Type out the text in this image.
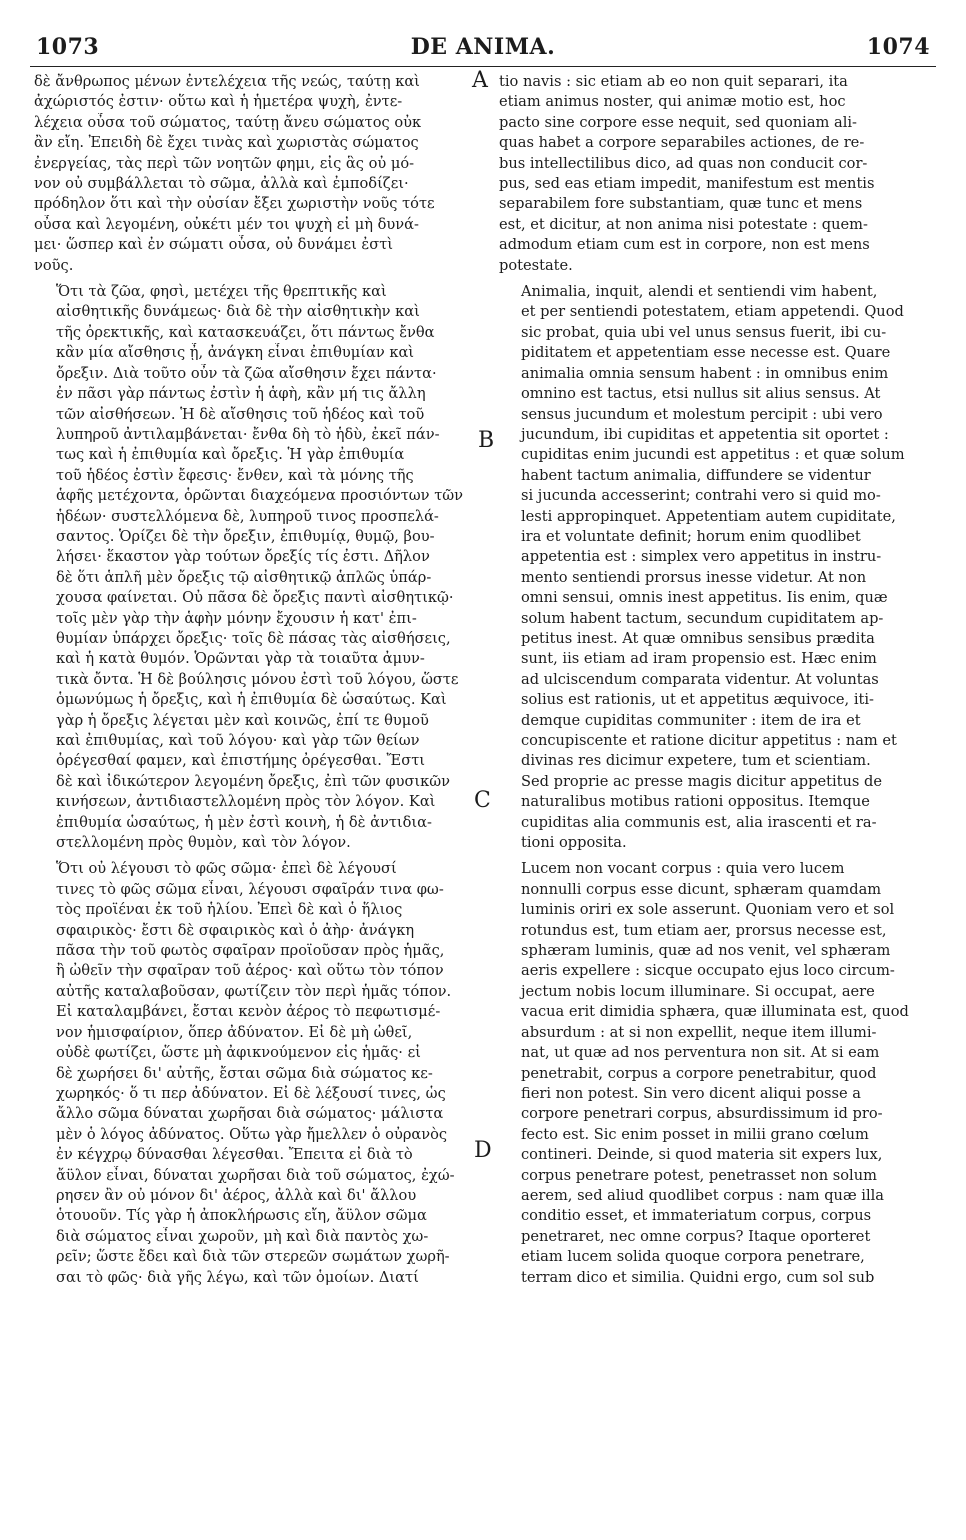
1073	DE ANIMA.	1074

δὲ ἄνθρωπος μένων ἐντελέχεια τῆς νεώς, ταύτῃ καὶ
ἀχώριστός ἐστιν· οὕτω καὶ ἡ ἡμετέρα ψυχὴ, ἐντε-
λέχεια οὖσα τοῦ σώματος, ταύτῃ ἄνευ σώματος οὐκ
ἂν εἴη. Ἐπειδὴ δὲ ἔχει τινὰς καὶ χωριστὰς σώματος
ἐνεργείας, τὰς περὶ τῶν νοητῶν φημι, εἰς ἃς οὐ μό-
νον οὐ συμβάλλεται τὸ σῶμα, ἀλλὰ καὶ ἐμποδίζει·
πρόδηλον ὅτι καὶ τὴν οὐσίαν ἔξει χωριστὴν νοῦς τότε
οὖσα καὶ λεγομένη, οὐκέτι μέν τοι ψυχὴ εἰ μὴ δυνά-
μει· ὥσπερ καὶ ἐν σώματι οὖσα, οὐ δυνάμει ἐστὶ
νοῦς.

Ὅτι τὰ ζῶα, φησὶ, μετέχει τῆς θρεπτικῆς καὶ
αἰσθητικῆς δυνάμεως· διὰ δὲ τὴν αἰσθητικὴν καὶ
τῆς ὀρεκτικῆς, καὶ κατασκευάζει, ὅτι πάντως ἔνθα
κἂν μία αἴσθησις ᾖ, ἀνάγκη εἶναι ἐπιθυμίαν καὶ
ὄρεξιν. Διὰ τοῦτο οὖν τὰ ζῶα αἴσθησιν ἔχει πάντα·
ἐν πᾶσι γὰρ πάντως ἐστὶν ἡ ἁφὴ, κἂν μή τις ἄλλη
τῶν αἰσθήσεων. Ἡ δὲ αἴσθησις τοῦ ἡδέος καὶ τοῦ
λυπηροῦ ἀντιλαμβάνεται· ἔνθα δὴ τὸ ἡδὺ, ἐκεῖ πάν-
τως καὶ ἡ ἐπιθυμία καὶ ὄρεξις. Ἡ γὰρ ἐπιθυμία
τοῦ ἡδέος ἐστὶν ἔφεσις· ἔνθεν, καὶ τὰ μόνης τῆς
ἁφῆς μετέχοντα, ὁρῶνται διαχεόμενα προσιόντων τῶν
ἡδέων· συστελλόμενα δὲ, λυπηροῦ τινος προσπελά-
σαντος. Ὁρίζει δὲ τὴν ὄρεξιν, ἐπιθυμίᾳ, θυμῷ, βου-
λήσει· ἕκαστον γὰρ τούτων ὄρεξίς τίς ἐστι. Δῆλον
δὲ ὅτι ἁπλῆ μὲν ὄρεξις τῷ αἰσθητικῷ ἁπλῶς ὑπάρ-
χουσα φαίνεται. Οὐ πᾶσα δὲ ὄρεξις παντὶ αἰσθητικῷ·
τοῖς μὲν γὰρ τὴν ἁφὴν μόνην ἔχουσιν ἡ κατ' ἐπι-
θυμίαν ὑπάρχει ὄρεξις· τοῖς δὲ πάσας τὰς αἰσθήσεις,
καὶ ἡ κατὰ θυμόν. Ὁρῶνται γὰρ τὰ τοιαῦτα ἀμυν-
τικὰ ὄντα. Ἡ δὲ βούλησις μόνου ἐστὶ τοῦ λόγου, ὥστε
ὁμωνύμως ἡ ὄρεξις, καὶ ἡ ἐπιθυμία δὲ ὡσαύτως. Καὶ
γὰρ ἡ ὄρεξις λέγεται μὲν καὶ κοινῶς, ἐπί τε θυμοῦ
καὶ ἐπιθυμίας, καὶ τοῦ λόγου· καὶ γὰρ τῶν θείων
ὀρέγεσθαί φαμεν, καὶ ἐπιστήμης ὀρέγεσθαι. Ἔστι
δὲ καὶ ἰδικώτερον λεγομένη ὄρεξις, ἐπὶ τῶν φυσικῶν
κινήσεων, ἀντιδιαστελλομένη πρὸς τὸν λόγον. Καὶ
ἐπιθυμία ὡσαύτως, ἡ μὲν ἐστὶ κοινὴ, ἡ δὲ ἀντιδια-
στελλομένη πρὸς θυμὸν, καὶ τὸν λόγον.

Ὅτι οὐ λέγουσι τὸ φῶς σῶμα· ἐπεὶ δὲ λέγουσί
τινες τὸ φῶς σῶμα εἶναι, λέγουσι σφαῖράν τινα φω-
τὸς προϊέναι ἐκ τοῦ ἡλίου. Ἐπεὶ δὲ καὶ ὁ ἥλιος
σφαιρικὸς· ἔστι δὲ σφαιρικὸς καὶ ὁ ἀὴρ· ἀνάγκη
πᾶσα τὴν τοῦ φωτὸς σφαῖραν προϊοῦσαν πρὸς ἡμᾶς,
ἢ ὠθεῖν τὴν σφαῖραν τοῦ ἀέρος· καὶ οὕτω τὸν τόπον
αὐτῆς καταλαβοῦσαν, φωτίζειν τὸν περὶ ἡμᾶς τόπον.
Εἰ καταλαμβάνει, ἔσται κενὸν ἀέρος τὸ πεφωτισμέ-
νον ἡμισφαίριον, ὅπερ ἀδύνατον. Εἰ δὲ μὴ ὠθεῖ,
οὐδὲ φωτίζει, ὥστε μὴ ἀφικνούμενον εἰς ἡμᾶς· εἰ
δὲ χωρήσει δι' αὐτῆς, ἔσται σῶμα διὰ σώματος κε-
χωρηκός· ὅ τι περ ἀδύνατον. Εἰ δὲ λέξουσί τινες, ὡς
ἄλλο σῶμα δύναται χωρῆσαι διὰ σώματος· μάλιστα
μὲν ὁ λόγος ἀδύνατος. Οὕτω γὰρ ἤμελλεν ὁ οὐρανὸς
ἐν κέγχρῳ δύνασθαι λέγεσθαι. Ἔπειτα εἰ διὰ τὸ
ἄϋλον εἶναι, δύναται χωρῆσαι διὰ τοῦ σώματος, ἐχώ-
ρησεν ἂν οὐ μόνον δι' ἀέρος, ἀλλὰ καὶ δι' ἄλλου
ὁτουοῦν. Τίς γὰρ ἡ ἀποκλήρωσις εἴη, ἄϋλον σῶμα
διὰ σώματος εἶναι χωροῦν, μὴ καὶ διὰ παντὸς χω-
ρεῖν; ὥστε ἔδει καὶ διὰ τῶν στερεῶν σωμάτων χωρῆ-
σαι τὸ φῶς· διὰ γῆς λέγω, καὶ τῶν ὁμοίων. Διατί

tio navis : sic etiam ab eo non quit separari, ita
etiam animus noster, qui animæ motio est, hoc
pacto sine corpore esse nequit, sed quoniam ali-
quas habet a corpore separabiles actiones, de re-
bus intellectilibus dico, ad quas non conducit cor-
pus, sed eas etiam impedit, manifestum est mentis
separabilem fore substantiam, quæ tunc et mens
est, et dicitur, at non anima nisi potestate : quem-
admodum etiam cum est in corpore, non est mens
potestate.

Animalia, inquit, alendi et sentiendi vim habent,
et per sentiendi potestatem, etiam appetendi. Quod
sic probat, quia ubi vel unus sensus fuerit, ibi cu-
piditatem et appetentiam esse necesse est. Quare
animalia omnia sensum habent : in omnibus enim
omnino est tactus, etsi nullus sit alius sensus. At
sensus jucundum et molestum percipit : ubi vero
jucundum, ibi cupiditas et appetentia sit oportet :
cupiditas enim jucundi est appetitus : et quæ solum
habent tactum animalia, diffundere se videntur
si jucunda accesserint; contrahi vero si quid mo-
lesti appropinquet. Appetentiam autem cupiditate,
ira et voluntate definit; horum enim quodlibet
appetentia est : simplex vero appetitus in instru-
mento sentiendi prorsus inesse videtur. At non
omni sensui, omnis inest appetitus. Iis enim, quæ
solum habent tactum, secundum cupiditatem ap-
petitus inest. At quæ omnibus sensibus prædita
sunt, iis etiam ad iram propensio est. Hæc enim
ad ulciscendum comparata videntur. At voluntas
solius est rationis, ut et appetitus æquivoce, iti-
demque cupiditas communiter : item de ira et
concupiscente et ratione dicitur appetitus : nam et
divinas res dicimur expetere, tum et scientiam.
Sed proprie ac presse magis dicitur appetitus de
naturalibus motibus rationi oppositus. Itemque
cupiditas alia communis est, alia irascenti et ra-
tioni opposita.

Lucem non vocant corpus : quia vero lucem
nonnulli corpus esse dicunt, sphæram quamdam
luminis oriri ex sole asserunt. Quoniam vero et sol
rotundus est, tum etiam aer, prorsus necesse est,
sphæram luminis, quæ ad nos venit, vel sphæram
aeris expellere : sicque occupato ejus loco circum-
jectum nobis locum illuminare. Si occupat, aere
vacua erit dimidia sphæra, quæ illuminata est, quod
absurdum : at si non expellit, neque item illumi-
nat, ut quæ ad nos perventura non sit. At si eam
penetrabit, corpus a corpore penetrabitur, quod
fieri non potest. Sin vero dicent aliqui posse a
corpore penetrari corpus, absurdissimum id pro-
fecto est. Sic enim posset in milii grano cœlum
contineri. Deinde, si quod materia sit expers lux,
corpus penetrare potest, penetrasset non solum
aerem, sed aliud quodlibet corpus : nam quæ illa
conditio esset, et immateriatum corpus, corpus
penetraret, nec omne corpus? Itaque oporteret
etiam lucem solida quoque corpora penetrare,
terram dico et similia. Quidni ergo, cum sol sub

A
B
C
D
